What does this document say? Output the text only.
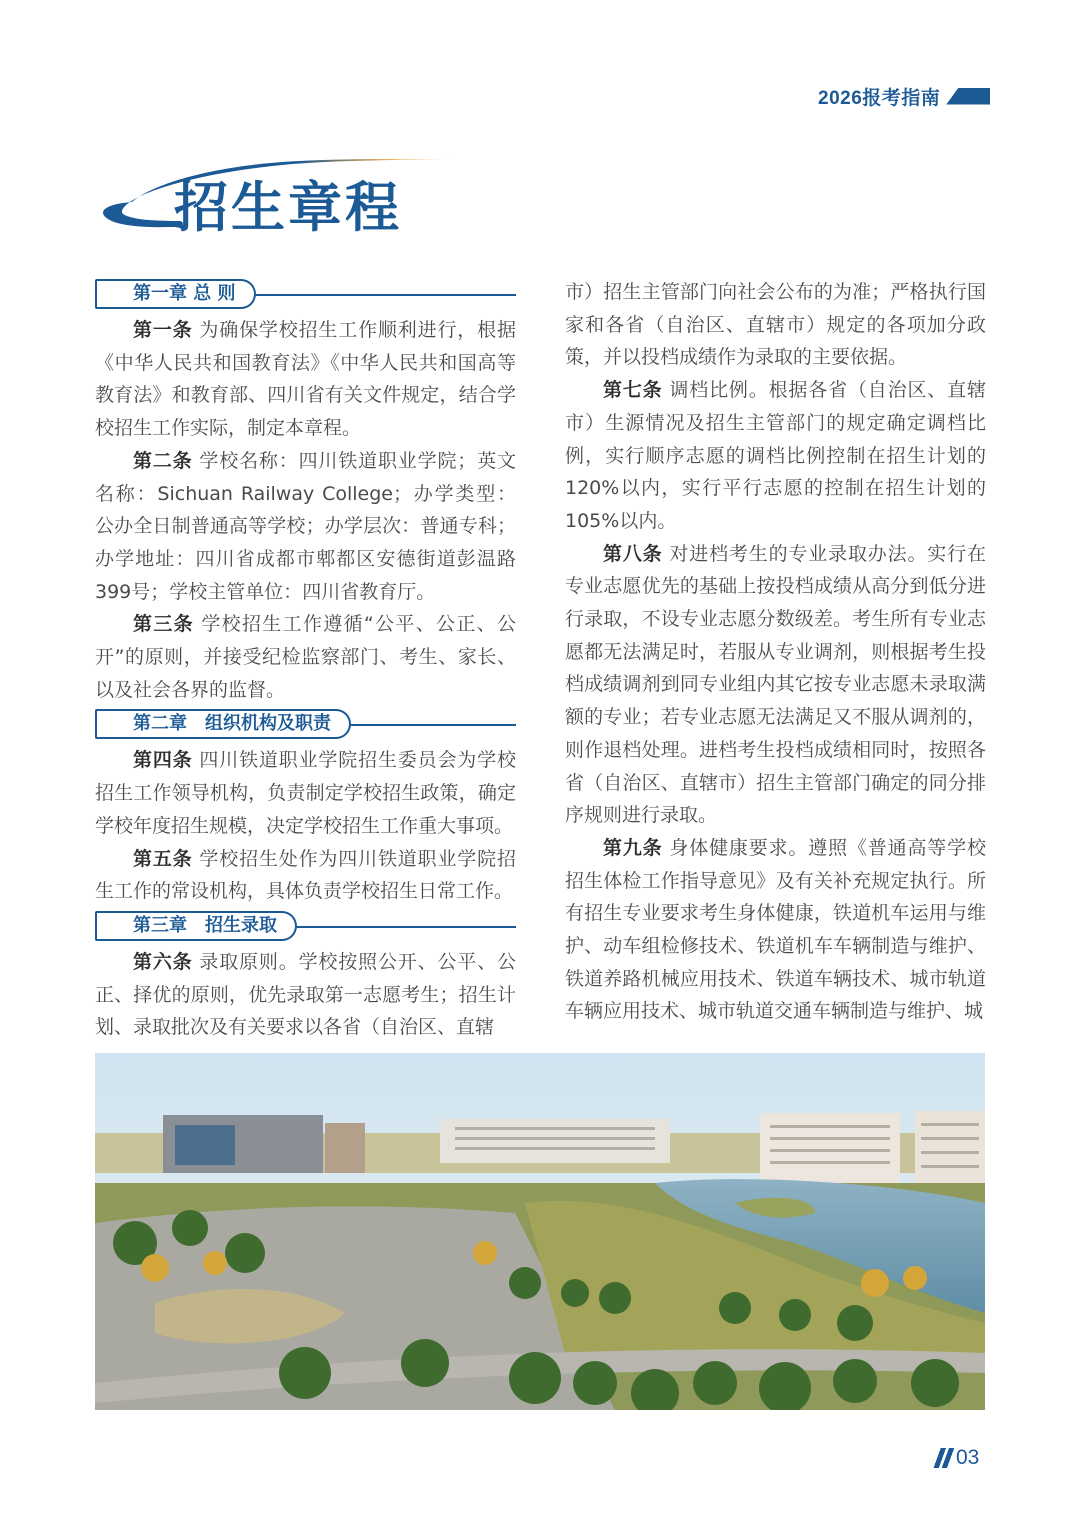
2026报考指南
招生章程
第一章 总 则

第一条 为确保学校招生工作顺利进行，根据《中华人民共和国教育法》《中华人民共和国高等教育法》和教育部、四川省有关文件规定，结合学校招生工作实际，制定本章程。

第二条 学校名称：四川铁道职业学院；英文名称：Sichuan Railway College；办学类型：公办全日制普通高等学校；办学层次：普通专科；办学地址：四川省成都市郫都区安德街道彭温路399号；学校主管单位：四川省教育厅。

第三条 学校招生工作遵循“公平、公正、公开”的原则，并接受纪检监察部门、考生、家长、以及社会各界的监督。

第二章　组织机构及职责

第四条 四川铁道职业学院招生委员会为学校招生工作领导机构，负责制定学校招生政策，确定学校年度招生规模，决定学校招生工作重大事项。

第五条 学校招生处作为四川铁道职业学院招生工作的常设机构，具体负责学校招生日常工作。

第三章　招生录取

第六条 录取原则。学校按照公开、公平、公正、择优的原则，优先录取第一志愿考生；招生计划、录取批次及有关要求以各省（自治区、直辖

市）招生主管部门向社会公布的为准；严格执行国家和各省（自治区、直辖市）规定的各项加分政策，并以投档成绩作为录取的主要依据。

第七条 调档比例。根据各省（自治区、直辖市）生源情况及招生主管部门的规定确定调档比例，实行顺序志愿的调档比例控制在招生计划的120%以内，实行平行志愿的控制在招生计划的105%以内。

第八条 对进档考生的专业录取办法。实行在专业志愿优先的基础上按投档成绩从高分到低分进行录取，不设专业志愿分数级差。考生所有专业志愿都无法满足时，若服从专业调剂，则根据考生投档成绩调剂到同专业组内其它按专业志愿未录取满额的专业；若专业志愿无法满足又不服从调剂的，则作退档处理。进档考生投档成绩相同时，按照各省（自治区、直辖市）招生主管部门确定的同分排序规则进行录取。

第九条 身体健康要求。遵照《普通高等学校招生体检工作指导意见》及有关补充规定执行。所有招生专业要求考生身体健康，铁道机车运用与维护、动车组检修技术、铁道机车车辆制造与维护、铁道养路机械应用技术、铁道车辆技术、城市轨道车辆应用技术、城市轨道交通车辆制造与维护、城

03
